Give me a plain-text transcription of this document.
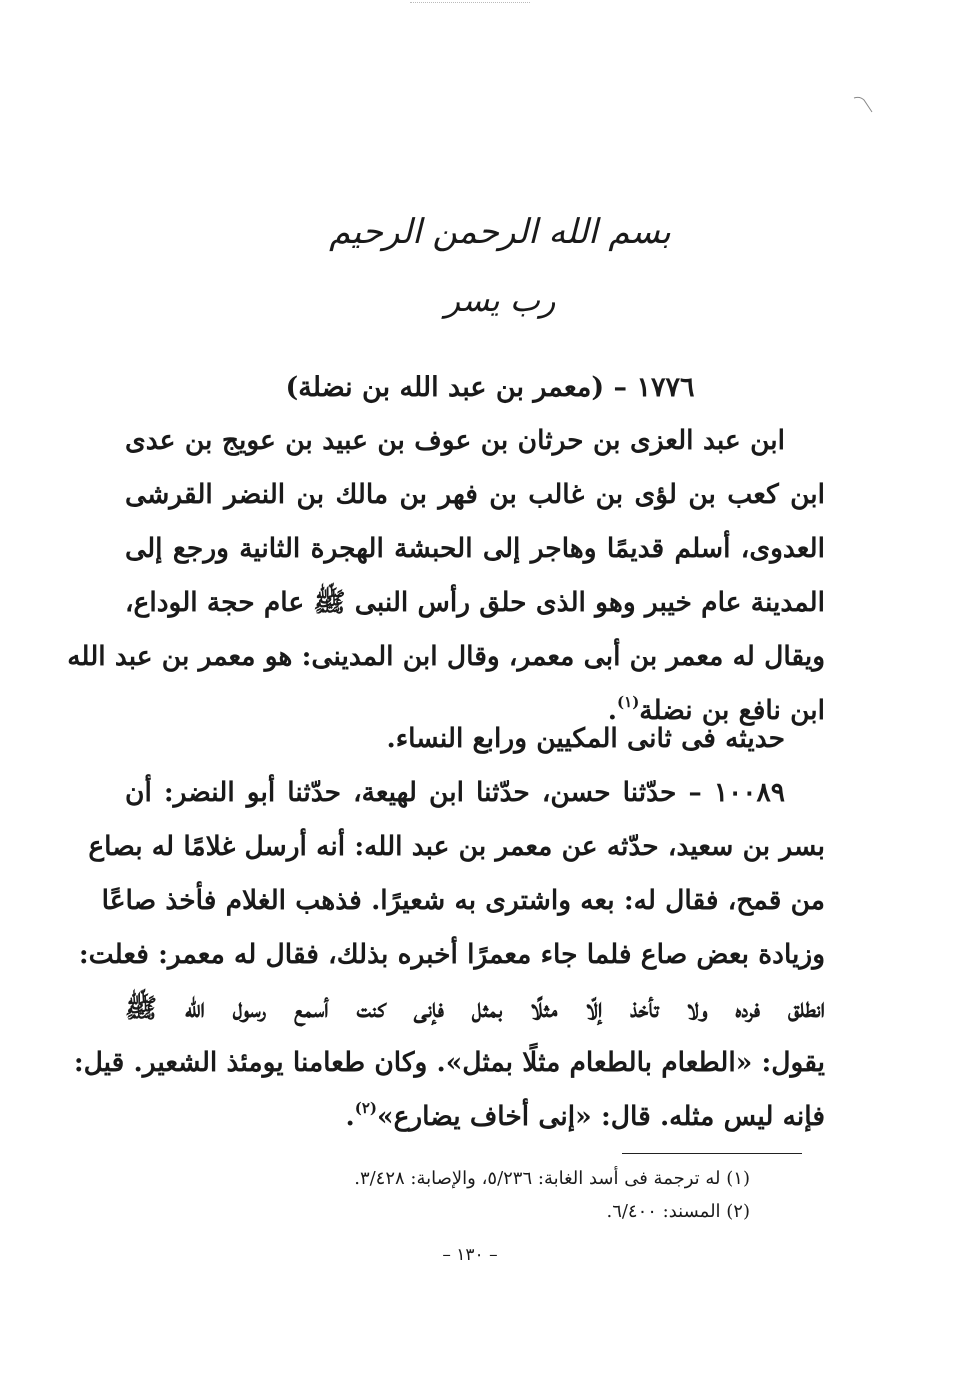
بسم الله الرحمن الرحيم
رب يسر
١٧٧٦ – (معمر بن عبد الله بن نضلة)
ابن عبد العزى بن حرثان بن عوف بن عبيد بن عويج بن عدى
ابن كعب بن لؤى بن غالب بن فهر بن مالك بن النضر القرشى
العدوى، أسلم قديمًا وهاجر إلى الحبشة الهجرة الثانية ورجع إلى
المدينة عام خيبر وهو الذى حلق رأس النبى ﷺ عام حجة الوداع،
ويقال له معمر بن أبى معمر، وقال ابن المدينى: هو معمر بن عبد الله
ابن نافع بن نضلة$^{(١)}$.
حديثه فى ثانى المكيين ورابع النساء.
١٠٠٨٩ – حدّثنا حسن، حدّثنا ابن لهيعة، حدّثنا أبو النضر: أن
بسر بن سعيد، حدّثه عن معمر بن عبد الله: أنه أرسل غلامًا له بصاع
من قمح، فقال له: بعه واشترى به شعيرًا. فذهب الغلام فأخذ صاعًا
وزيادة بعض صاع فلما جاء معمرًا أخبره بذلك، فقال له معمر: فعلت:
انطلق فرده ولا تأخذ إلّا مثلًا بمثل فإنى كنت أسمع رسول الله ﷺ
يقول: «الطعام بالطعام مثلًا بمثل». وكان طعامنا يومئذ الشعير. قيل:
فإنه ليس مثله. قال: «إنى أخاف يضارع»$^{(٢)}$.
(١) له ترجمة فى أسد الغابة: ٥/٢٣٦، والإصابة: ٣/٤٢٨.
(٢) المسند: ٦/٤٠٠.
– ١٣٠ –
